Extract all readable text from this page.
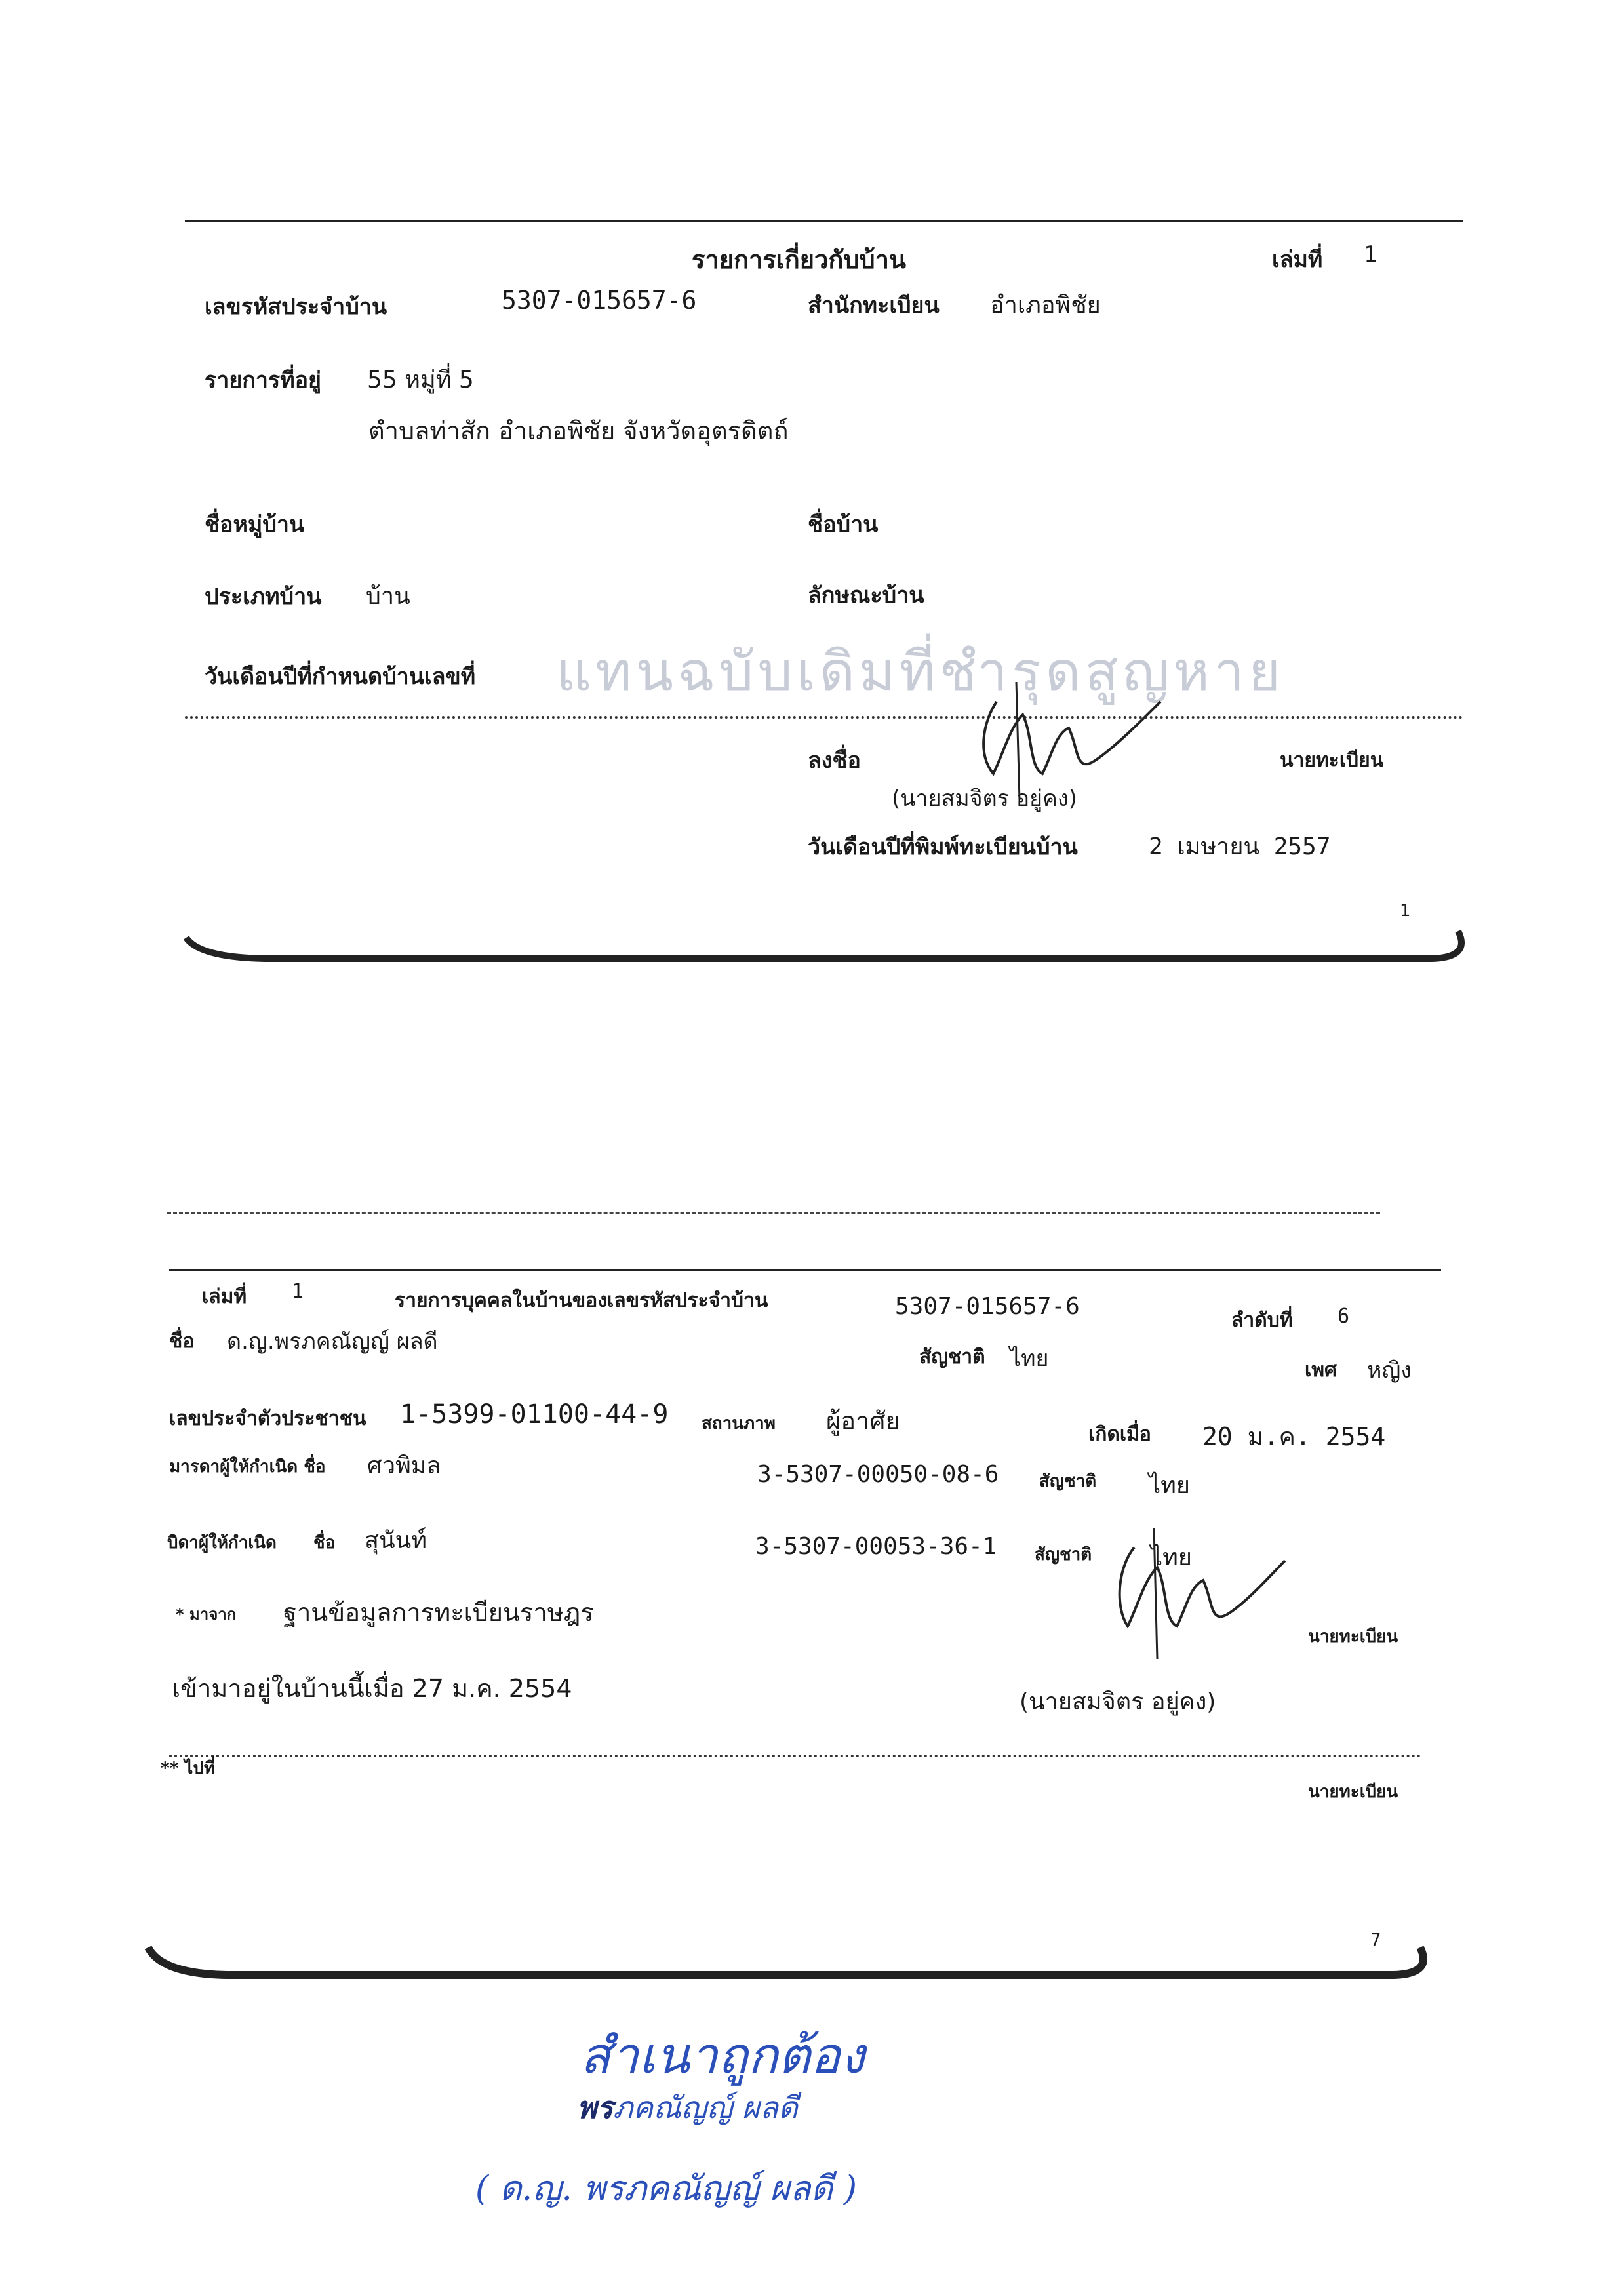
รายการเกี่ยวกับบ้าน	เล่มที่ 1
เลขรหัสประจำบ้าน	5307-015657-6	สำนักทะเบียน อำเภอพิชัย
รายการที่อยู่ 55 หมู่ที่ 5
ตำบลท่าสัก อำเภอพิชัย จังหวัดอุตรดิตถ์
ชื่อหมู่บ้าน	ชื่อบ้าน
ประเภทบ้าน บ้าน	ลักษณะบ้าน
วันเดือนปีที่กำหนดบ้านเลขที่ แทนฉบับเดิมที่ชำรุดสูญหาย
ลงชื่อ	นายทะเบียน
(นายสมจิตร อยู่คง)
วันเดือนปีที่พิมพ์ทะเบียนบ้าน	2 เมษายน 2557
1
เล่มที่ 1	รายการบุคคลในบ้านของเลขรหัสประจำบ้าน	5307-015657-6
ลำดับที่ 6
ชื่อ ด.ญ.พรภคณัญญ์ ผลดี
สัญชาติ ไทย	เพศ หญิง
เลขประจำตัวประชาชน 1-5399-01100-44-9 สถานภาพ ผู้อาศัย	เกิดเมื่อ 20 ม.ค. 2554
มารดาผู้ให้กำเนิด ชื่อ ศวพิมล	3-5307-00050-08-6 สัญชาติ ไทย
บิดาผู้ให้กำเนิด ชื่อ สุนันท์	3-5307-00053-36-1 สัญชาติ ไทย
* มาจาก ฐานข้อมูลการทะเบียนราษฎร
นายทะเบียน
เข้ามาอยู่ในบ้านนี้เมื่อ 27 ม.ค. 2554	(นายสมจิตร อยู่คง)
** ไปที่
นายทะเบียน
7
สำเนาถูกต้อง
พรภคณัญญ์ ผลดี
( ด.ญ. พรภคณัญญ์ ผลดี )
